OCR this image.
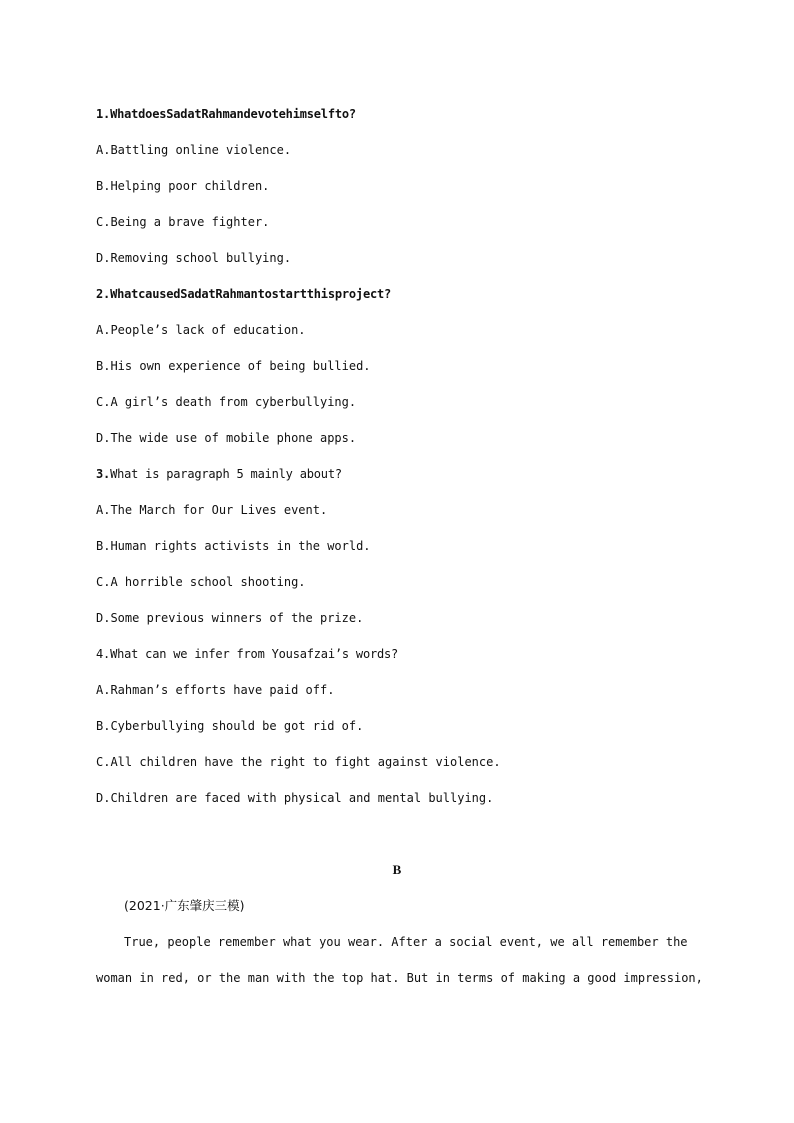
1.WhatdoesSadatRahmandevotehimselfto?
A.Battling online violence.
B.Helping poor children.
C.Being a brave fighter.
D.Removing school bullying.
2.WhatcausedSadatRahmantostartthisproject?
A.People’s lack of education.
B.His own experience of being bullied.
C.A girl’s death from cyberbullying.
D.The wide use of mobile phone apps.
3.What is paragraph 5 mainly about?
A.The March for Our Lives event.
B.Human rights activists in the world.
C.A horrible school shooting.
D.Some previous winners of the prize.
4.What can we infer from Yousafzai’s words?
A.Rahman’s efforts have paid off.
B.Cyberbullying should be got rid of.
C.All children have the right to fight against violence.
D.Children are faced with physical and mental bullying.
B
(2021·广东肇庆三模)
True, people remember what you wear. After a social event, we all remember the
woman in red, or the man with the top hat. But in terms of making a good impression,
